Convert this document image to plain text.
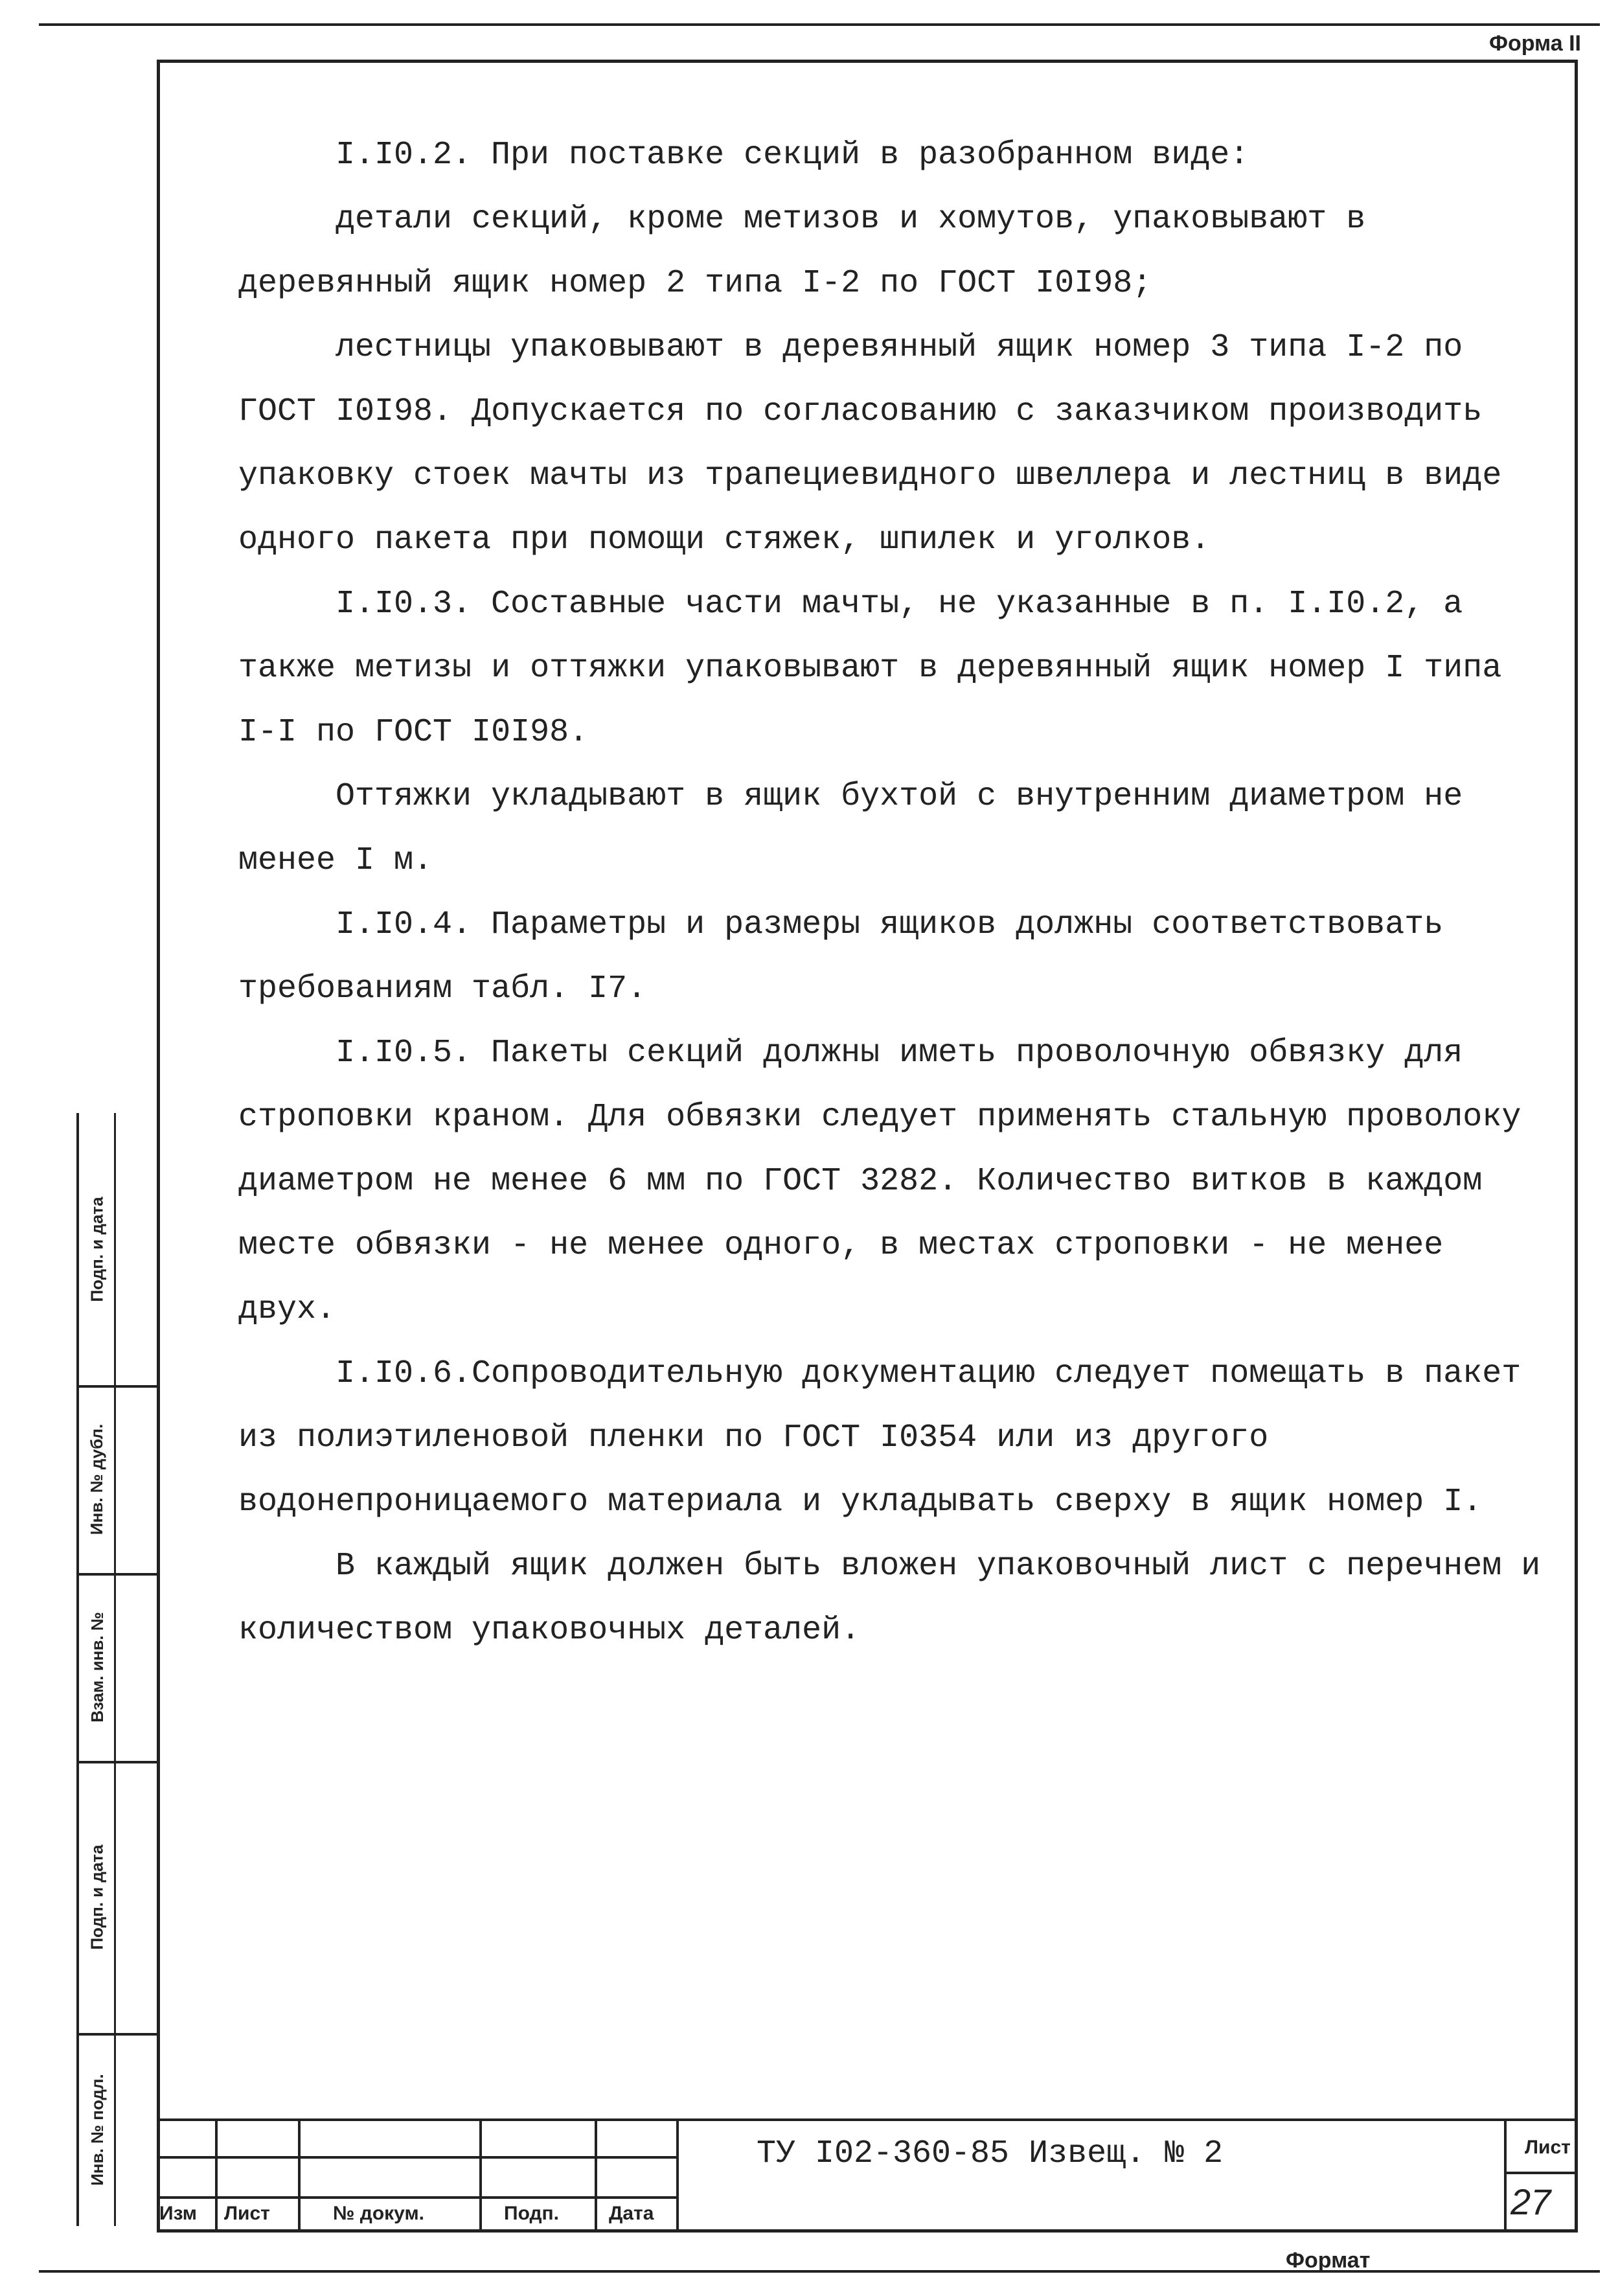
Форма II

I.I0.2. При поставке секций в разобранном виде:

детали секций, кроме метизов и хомутов, упаковывают в деревянный ящик номер 2 типа I-2 по ГОСТ I0I98;

лестницы упаковывают в деревянный ящик номер 3 типа I-2 по ГОСТ I0I98. Допускается по согласованию с заказчиком производить упаковку стоек мачты из трапециевидного швеллера и лестниц в виде одного пакета при помощи стяжек, шпилек и уголков.

I.I0.3. Составные части мачты, не указанные в п. I.I0.2, а также метизы и оттяжки упаковывают в деревянный ящик номер I типа I-I по ГОСТ I0I98.

Оттяжки укладывают в ящик бухтой с внутренним диаметром не менее I м.

I.I0.4. Параметры и размеры ящиков должны соответствовать требованиям табл. I7.

I.I0.5. Пакеты секций должны иметь проволочную обвязку для строповки краном. Для обвязки следует применять стальную проволоку диаметром не менее 6 мм по ГОСТ 3282. Количество витков в каждом месте обвязки - не менее одного, в местах строповки - не менее двух.

I.I0.6.Сопроводительную документацию следует помещать в пакет из полиэтиленовой пленки по ГОСТ I0354 или из другого водонепроницаемого материала и укладывать сверху в ящик номер I.

В каждый ящик должен быть вложен упаковочный лист с перечнем и количеством упаковочных деталей.

Подп. и дата
Инв. № дубл.
Взам. инв. №
Подп. и дата
Инв. № подл.
Изм Лист	№ докум.	Подп.	Дата
ТУ I02-360-85 Извещ. № 2	Лист
27
Формат
